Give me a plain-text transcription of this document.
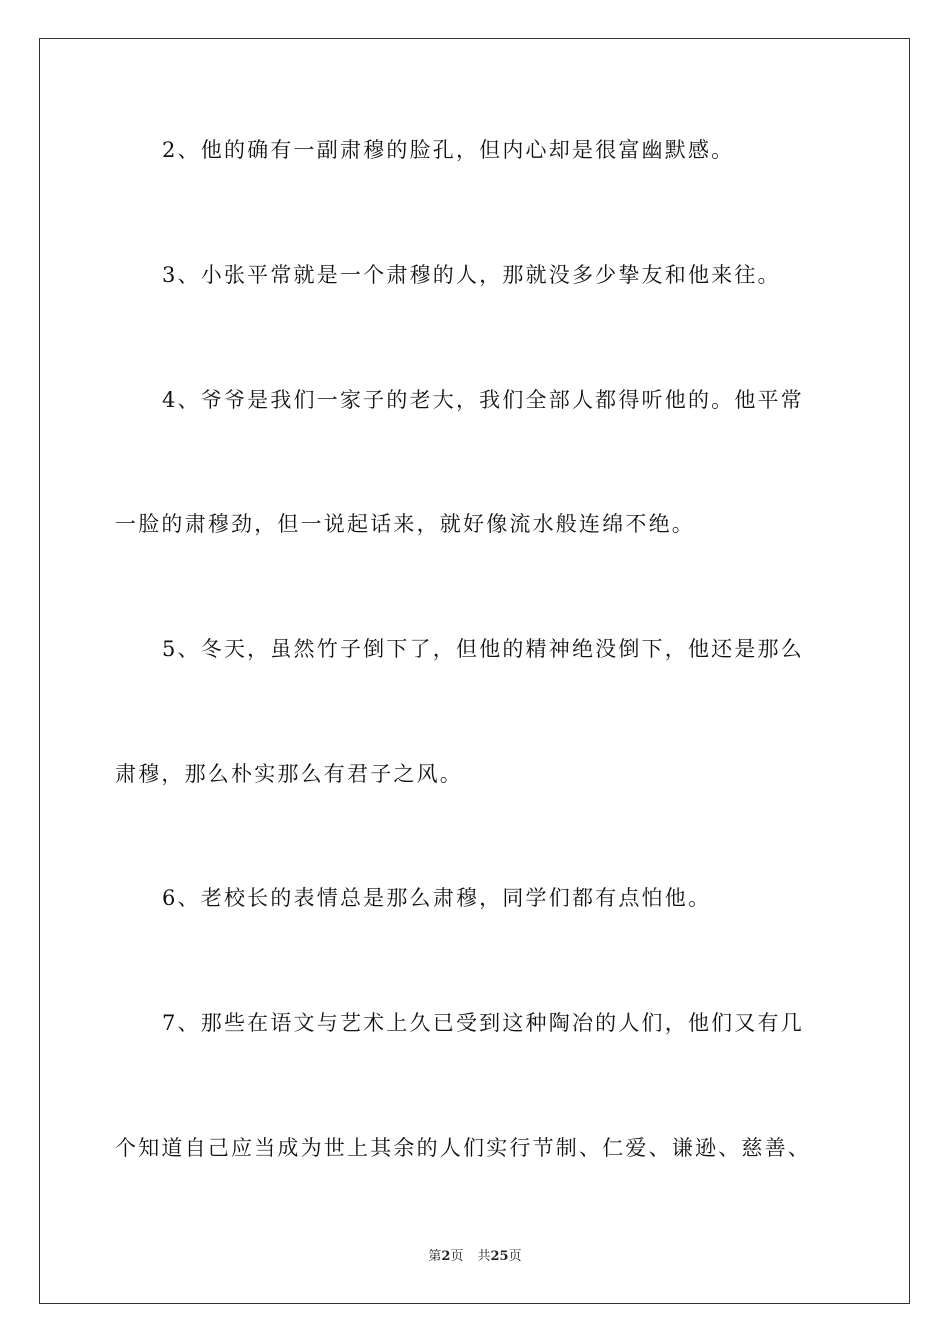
2、他的确有一副肃穆的脸孔，但内心却是很富幽默感。
3、小张平常就是一个肃穆的人，那就没多少挚友和他来往。
4、爷爷是我们一家子的老大，我们全部人都得听他的。他平常
一脸的肃穆劲，但一说起话来，就好像流水般连绵不绝。
5、冬天，虽然竹子倒下了，但他的精神绝没倒下，他还是那么
肃穆，那么朴实那么有君子之风。
6、老校长的表情总是那么肃穆，同学们都有点怕他。
7、那些在语文与艺术上久已受到这种陶冶的人们，他们又有几
个知道自己应当成为世上其余的人们实行节制、仁爱、谦逊、慈善、
第2页 共25页
